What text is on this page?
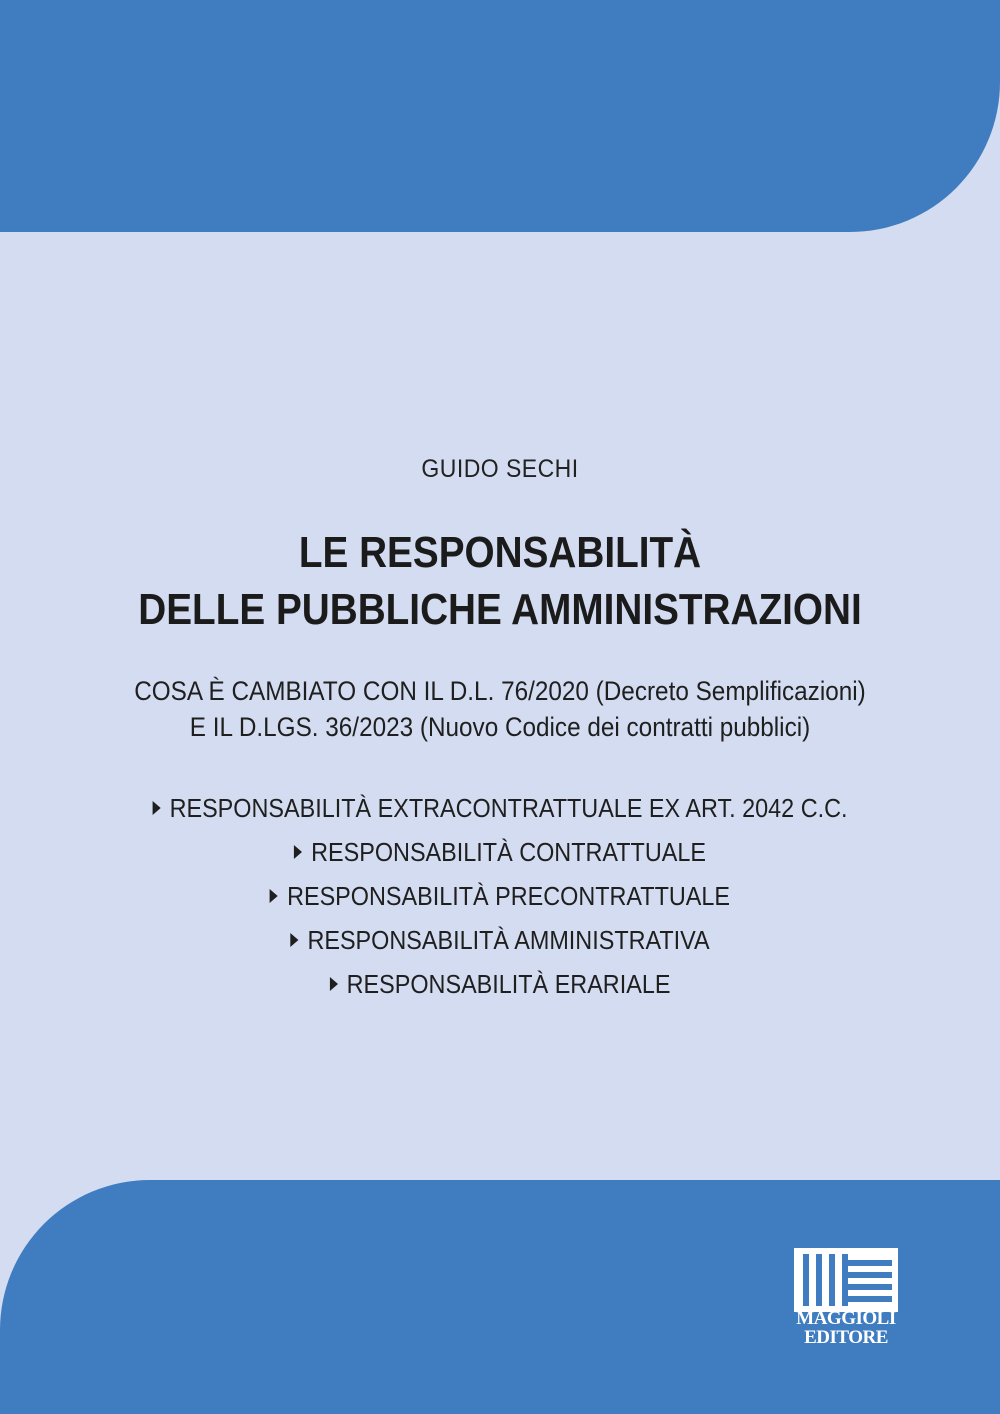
GUIDO SECHI
LE RESPONSABILITÀ
DELLE PUBBLICHE AMMINISTRAZIONI
COSA È CAMBIATO CON IL D.L. 76/2020 (Decreto Semplificazioni)
E IL D.LGS. 36/2023 (Nuovo Codice dei contratti pubblici)
RESPONSABILITÀ EXTRACONTRATTUALE EX ART. 2042 C.C.
RESPONSABILITÀ CONTRATTUALE
RESPONSABILITÀ PRECONTRATTUALE
RESPONSABILITÀ AMMINISTRATIVA
RESPONSABILITÀ ERARIALE
MAGGIOLI
EDITORE
